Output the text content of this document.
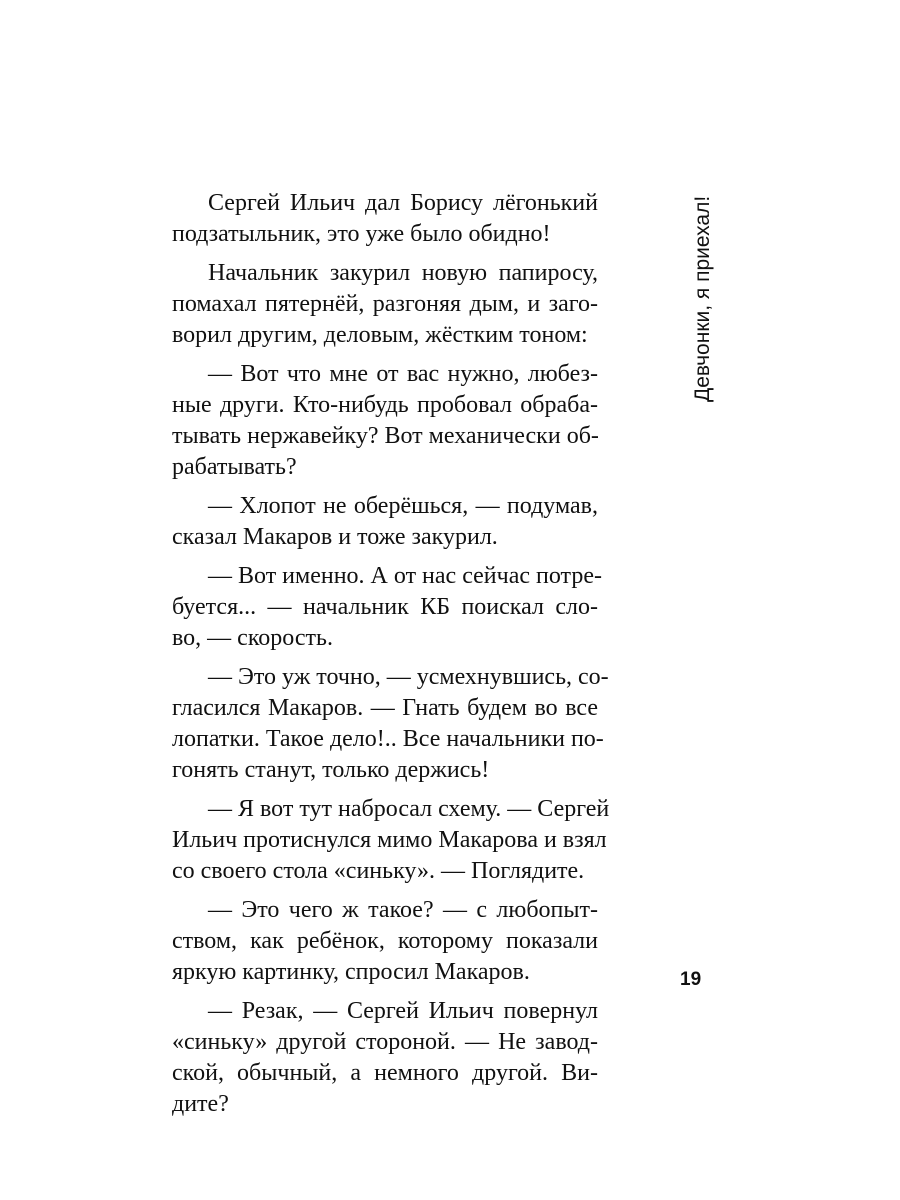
Сергей Ильич дал Борису лёгонький
подзатыльник, это уже было обидно!

Начальник закурил новую папиросу,
помахал пятернёй, разгоняя дым, и заго-
ворил другим, деловым, жёстким тоном:

— Вот что мне от вас нужно, любез-
ные други. Кто-нибудь пробовал обраба-
тывать нержавейку? Вот механически об-
рабатывать?

— Хлопот не оберёшься, — подумав,
сказал Макаров и тоже закурил.

— Вот именно. А от нас сейчас потре-
буется... — начальник КБ поискал сло-
во, — скорость.

— Это уж точно, — усмехнувшись, со-
гласился Макаров. — Гнать будем во все
лопатки. Такое дело!.. Все начальники по-
гонять станут, только держись!

— Я вот тут набросал схему. — Сергей
Ильич протиснулся мимо Макарова и взял
со своего стола «синьку». — Поглядите.

— Это чего ж такое? — с любопыт-
ством, как ребёнок, которому показали
яркую картинку, спросил Макаров.

— Резак, — Сергей Ильич повернул
«синьку» другой стороной. — Не завод-
ской, обычный, а немного другой. Ви-
дите?

Девчонки, я приехал!
19
